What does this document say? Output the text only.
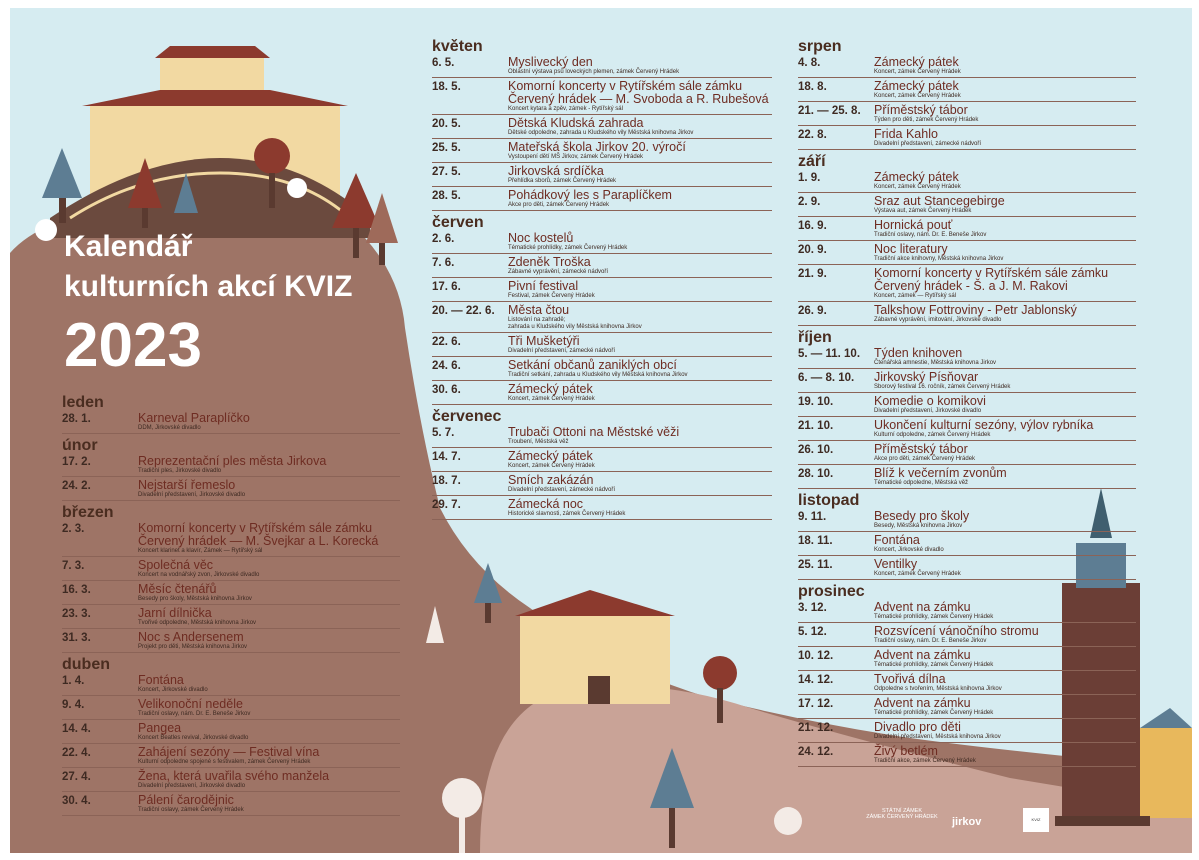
Kalendář
kulturních akcí KVIZ
2023
leden
28. 1.	Karneval Paraplíčko
DDM, Jirkovské divadlo
únor
17. 2.	Reprezentační ples města Jirkova
Tradiční ples, Jirkovské divadlo
24. 2.	Nejstarší řemeslo
Divadelní představení, Jirkovské divadlo
březen
2. 3.	Komorní koncerty v Rytířském sále zámku
Červený hrádek — M. Švejkar a L. Korecká
Koncert klarinet a klavír, Zámek — Rytířský sál
7. 3.	Společná věc
Koncert na vodnářský zvon, Jirkovské divadlo
16. 3.	Měsíc čtenářů
Besedy pro školy, Městská knihovna Jirkov
23. 3.	Jarní dílnička
Tvořivé odpoledne, Městská knihovna Jirkov
31. 3.	Noc s Andersenem
Projekt pro děti, Městská knihovna Jirkov
duben
1. 4.	Fontána
Koncert, Jirkovské divadlo
9. 4.	Velikonoční neděle
Tradiční oslavy, nám. Dr. E. Beneše Jirkov
14. 4.	Pangea
Koncert Beatles revival, Jirkovské divadlo
22. 4.	Zahájení sezóny — Festival vína
Kulturní odpoledne spojené s festivalem, zámek Červený Hrádek
27. 4.	Žena, která uvařila svého manžela
Divadelní představení, Jirkovské divadlo
30. 4.	Pálení čarodějnic
Tradiční oslavy, zámek Červený Hrádek
květen
6. 5.	Myslivecký den
Oblastní výstava psů loveckých plemen, zámek Červený Hrádek
18. 5.	Komorní koncerty v Rytířském sále zámku
Červený hrádek — M. Svoboda a R. Rubešová
Koncert kytara a zpěv, zámek - Rytířský sál
20. 5.	Dětská Kludská zahrada
Dětské odpoledne, zahrada u Kludského vily Městská knihovna Jirkov
25. 5.	Mateřská škola Jirkov 20. výročí
Vystoupení dětí MŠ Jirkov, zámek Červený Hrádek
27. 5.	Jirkovská srdíčka
Přehlídka sborů, zámek Červený Hrádek
28. 5.	Pohádkový les s Paraplíčkem
Akce pro děti, zámek Červený Hrádek
červen
2. 6.	Noc kostelů
Tématické prohlídky, zámek Červený Hrádek
7. 6.	Zdeněk Troška
Zábavné vyprávění, zámecké nádvoří
17. 6.	Pivní festival
Festival, zámek Červený Hrádek
20. — 22. 6.	Města čtou
Listování na zahradě;
zahrada u Kludského vily Městská knihovna Jirkov
22. 6.	Tři Mušketýři
Divadelní představení, zámecké nádvoří
24. 6.	Setkání občanů zaniklých obcí
Tradiční setkání, zahrada u Kludského vily Městská knihovna Jirkov
30. 6.	Zámecký pátek
Koncert, zámek Červený Hrádek
červenec
5. 7.	Trubači Ottoni na Městské věži
Troubení, Městská věž
14. 7.	Zámecký pátek
Koncert, zámek Červený Hrádek
18. 7.	Smích zakázán
Divadelní představení, zámecké nádvoří
29. 7.	Zámecká noc
Historické slavnosti, zámek Červený Hrádek
srpen
4. 8.	Zámecký pátek
Koncert, zámek Červený Hrádek
18. 8.	Zámecký pátek
Koncert, zámek Červený Hrádek
21. — 25. 8.	Příměstský tábor
Týden pro děti, zámek Červený Hrádek
22. 8.	Frida Kahlo
Divadelní představení, zámecké nádvoří
září
1. 9.	Zámecký pátek
Koncert, zámek Červený Hrádek
2. 9.	Sraz aut Stancegebirge
Výstava aut, zámek Červený Hrádek
16. 9.	Hornická pouť
Tradiční oslavy, nám. Dr. E. Beneše Jirkov
20. 9.	Noc literatury
Tradiční akce knihovny, Městská knihovna Jirkov
21. 9.	Komorní koncerty v Rytířském sále zámku
Červený hrádek - Š. a J. M. Rakovi
Koncert, zámek — Rytířský sál
26. 9.	Talkshow Fottroviny - Petr Jablonský
Zábavné vyprávění, imitování, Jirkovské divadlo
říjen
5. — 11. 10.	Týden knihoven
Čtenářská amnestie, Městská knihovna Jirkov
6. — 8. 10.	Jirkovský Písňovar
Sborový festival 16. ročník, zámek Červený Hrádek
19. 10.	Komedie o komikovi
Divadelní představení, Jirkovské divadlo
21. 10.	Ukončení kulturní sezóny, výlov rybníka
Kulturní odpoledne, zámek Červený Hrádek
26. 10.	Příměstský tábor
Akce pro děti, zámek Červený Hrádek
28. 10.	Blíž k večerním zvonům
Tématické odpoledne, Městská věž
listopad
9. 11.	Besedy pro školy
Besedy, Městská knihovna Jirkov
18. 11.	Fontána
Koncert, Jirkovské divadlo
25. 11.	Ventilky
Koncert, zámek Červený Hrádek
prosinec
3. 12.	Advent na zámku
Tématické prohlídky, zámek Červený Hrádek
5. 12.	Rozsvícení vánočního stromu
Tradiční oslavy, nám. Dr. E. Beneše Jirkov
10. 12.	Advent na zámku
Tématické prohlídky, zámek Červený Hrádek
14. 12.	Tvořivá dílna
Odpoledne s tvořením, Městská knihovna Jirkov
17. 12.	Advent na zámku
Tématické prohlídky, zámek Červený Hrádek
21. 12.	Divadlo pro děti
Divadelní představení, Městská knihovna Jirkov
24. 12.	Živý betlém
Tradiční akce, zámek Červený Hrádek
STÁTNÍ ZÁMEK
ZÁMEK ČERVENÝ HRÁDEK jirkov	KVIZ
